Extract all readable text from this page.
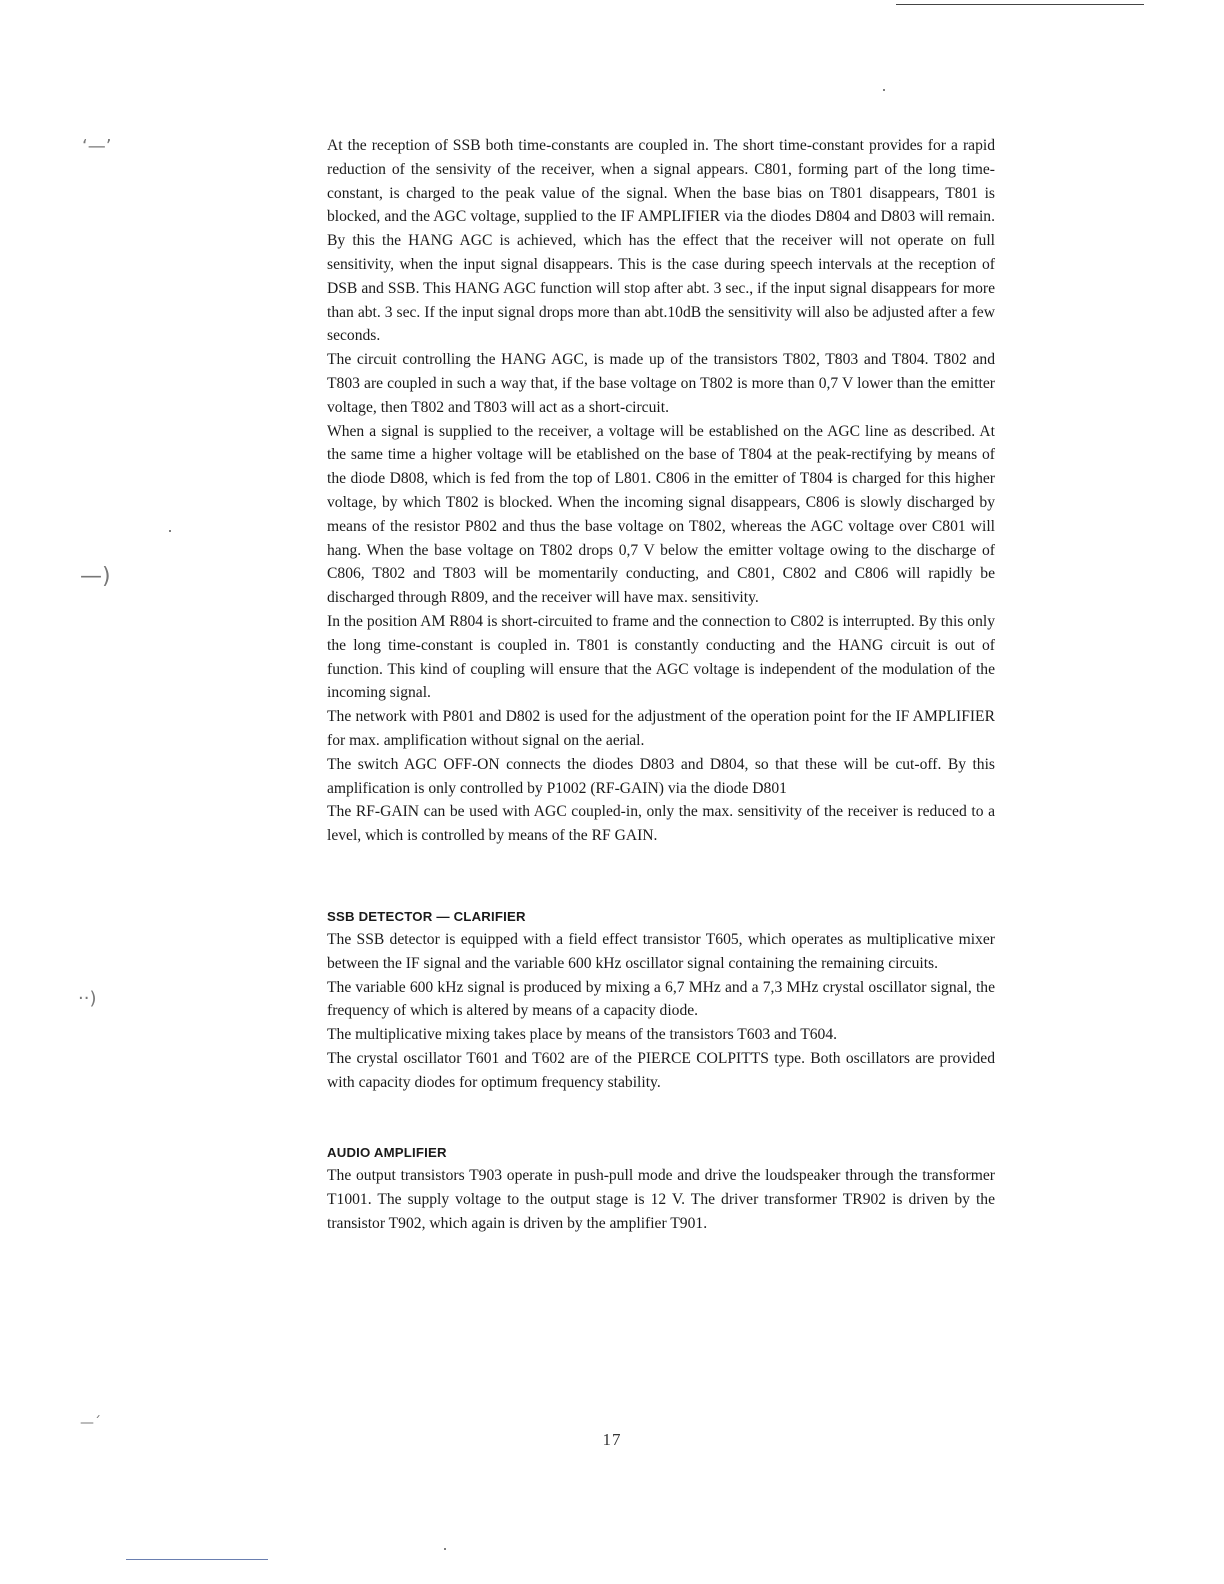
‘—’
—)
··)
—´

At the reception of SSB both time-constants are coupled in. The short time-constant provides for a rapid reduction of the sensivity of the receiver, when a signal appears. C801, forming part of the long time-constant, is charged to the peak value of the signal. When the base bias on T801 disappears, T801 is blocked, and the AGC voltage, supplied to the IF AMPLIFIER via the diodes D804 and D803 will remain. By this the HANG AGC is achieved, which has the effect that the receiver will not operate on full sensitivity, when the input signal disappears. This is the case during speech intervals at the reception of DSB and SSB. This HANG AGC function will stop after abt. 3 sec., if the input signal disappears for more than abt. 3 sec. If the input signal drops more than abt.10dB the sensitivity will also be adjusted after a few seconds.

The circuit controlling the HANG AGC, is made up of the transistors T802, T803 and T804. T802 and T803 are coupled in such a way that, if the base voltage on T802 is more than 0,7 V lower than the emitter voltage, then T802 and T803 will act as a short-circuit.

When a signal is supplied to the receiver, a voltage will be established on the AGC line as described. At the same time a higher voltage will be etablished on the base of T804 at the peak-rectifying by means of the diode D808, which is fed from the top of L801. C806 in the emitter of T804 is charged for this higher voltage, by which T802 is blocked. When the incoming signal disappears, C806 is slowly discharged by means of the resistor P802 and thus the base voltage on T802, whereas the AGC voltage over C801 will hang. When the base voltage on T802 drops 0,7 V below the emitter voltage owing to the discharge of C806, T802 and T803 will be momentarily conducting, and C801, C802 and C806 will rapidly be discharged through R809, and the receiver will have max. sensitivity.

In the position AM R804 is short-circuited to frame and the connection to C802 is interrupted. By this only the long time-constant is coupled in. T801 is constantly conducting and the HANG circuit is out of function. This kind of coupling will ensure that the AGC voltage is independent of the modulation of the incoming signal.

The network with P801 and D802 is used for the adjustment of the operation point for the IF AMPLIFIER for max. amplification without signal on the aerial.

The switch AGC OFF-ON connects the diodes D803 and D804, so that these will be cut-off. By this amplification is only controlled by P1002 (RF-GAIN) via the diode D801

The RF-GAIN can be used with AGC coupled-in, only the max. sensitivity of the receiver is reduced to a level, which is controlled by means of the RF GAIN.

SSB DETECTOR — CLARIFIER

The SSB detector is equipped with a field effect transistor T605, which operates as multiplicative mixer between the IF signal and the variable 600 kHz oscillator signal containing the remaining circuits.

The variable 600 kHz signal is produced by mixing a 6,7 MHz and a 7,3 MHz crystal oscillator signal, the frequency of which is altered by means of a capacity diode.

The multiplicative mixing takes place by means of the transistors T603 and T604.

The crystal oscillator T601 and T602 are of the PIERCE COLPITTS type. Both oscillators are provided with capacity diodes for optimum frequency stability.

AUDIO AMPLIFIER

The output transistors T903 operate in push-pull mode and drive the loudspeaker through the transformer T1001. The supply voltage to the output stage is 12 V. The driver transformer TR902 is driven by the transistor T902, which again is driven by the amplifier T901.

17
